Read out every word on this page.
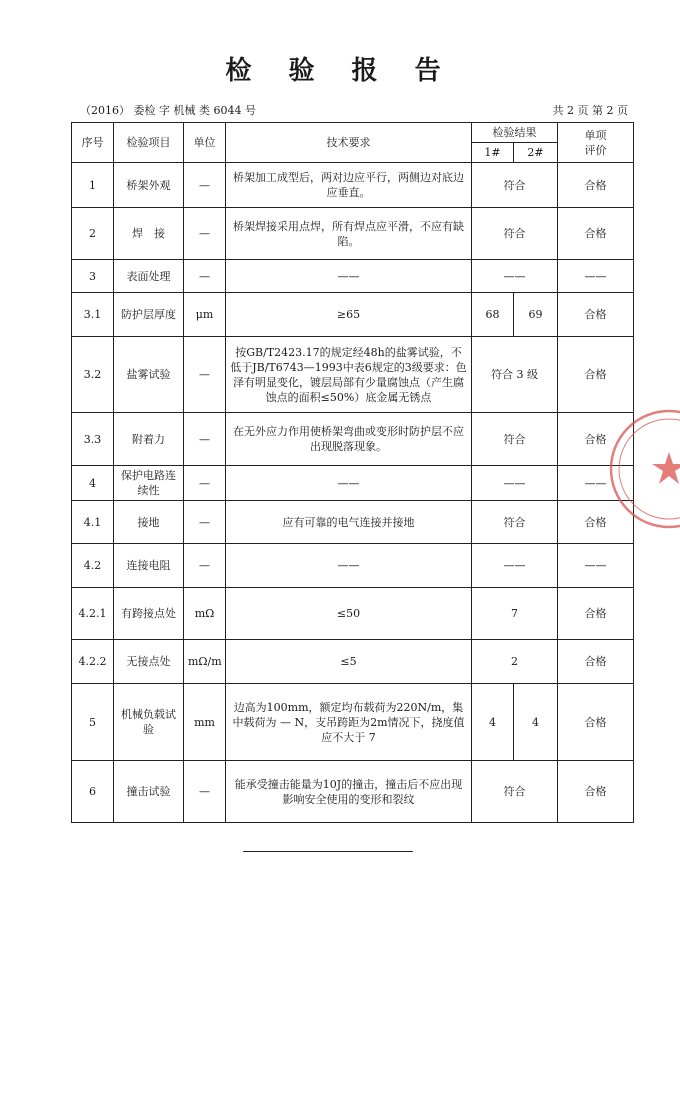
检 验 报 告
（2016） 委检 字 机械 类 6044 号	共 2 页 第 2 页
序号	检验项目	单位	技术要求	检验结果		单项
评价

				1#	2#	
1	桥架外观	—	桥架加工成型后，两对边应平行，两侧边对底边应垂直。	符合		合格
2	焊　接	—	桥架焊接采用点焊，所有焊点应平滑，不应有缺陷。	符合		合格
3	表面处理	—	——	——		——
3.1	防护层厚度	μm	≥65	68	69	合格
3.2	盐雾试验	—	按GB/T2423.17的规定经48h的盐雾试验，不低于JB/T6743—1993中表6规定的3级要求：色泽有明显变化，镀层局部有少量腐蚀点（产生腐蚀点的面积≤50%）底金属无锈点	符合 3 级		合格
3.3	附着力	—	在无外应力作用使桥架弯曲或变形时防护层不应出现脱落现象。	符合		合格
4	保护电路连续性	—	——	——		——
4.1	接地	—	应有可靠的电气连接并接地	符合		合格
4.2	连接电阻	—	——	——		——
4.2.1	有跨接点处	mΩ	≤50	7		合格
4.2.2	无接点处	mΩ/m	≤5	2		合格
5	机械负载试验	mm	边高为100mm，额定均布载荷为220N/m，集中载荷为 — N，支吊跨距为2m情况下，挠度值应不大于 7	4	4	合格
6	撞击试验	—	能承受撞击能量为10J的撞击，撞击后不应出现影响安全使用的变形和裂纹	符合		合格
